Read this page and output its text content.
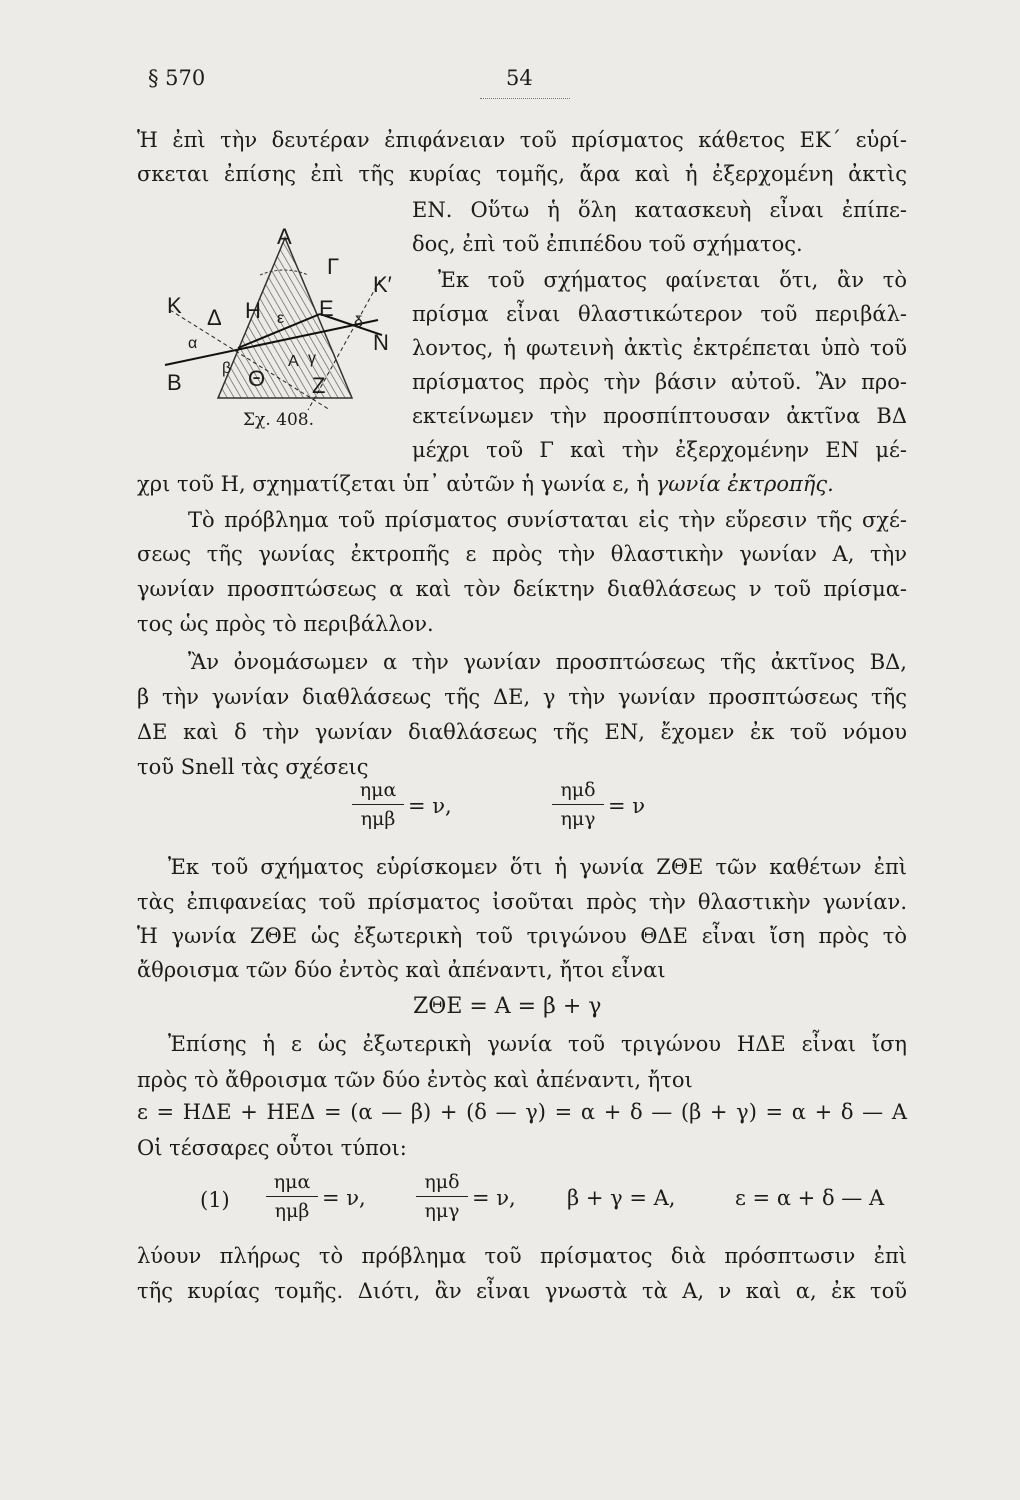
§ 570	54
Ἡ ἐπὶ τὴν δευτέραν ἐπιφάνειαν τοῦ πρίσματος κάθετος ΕΚ΄ εὑρί-
σκεται ἐπίσης ἐπὶ τῆς κυρίας τομῆς, ἄρα καὶ ἡ ἐξερχομένη ἀκτὶς
ΕΝ. Οὕτω ἡ ὅλη κατασκευὴ εἶναι ἐπίπε-
δος, ἐπὶ τοῦ ἐπιπέδου τοῦ σχήματος.
Ἐκ τοῦ σχήματος φαίνεται ὅτι, ἂν τὸ
πρίσμα εἶναι θλαστικώτερον τοῦ περιβάλ-
λοντος, ἡ φωτεινὴ ἀκτὶς ἐκτρέπεται ὑπὸ τοῦ
πρίσματος πρὸς τὴν βάσιν αὐτοῦ. Ἂν προ-
εκτείνωμεν τὴν προσπίπτουσαν ἀκτῖνα ΒΔ
μέχρι τοῦ Γ καὶ τὴν ἐξερχομένην ΕΝ μέ-
χρι τοῦ Η, σχηματίζεται ὑπ᾽ αὐτῶν ἡ γωνία ε, ἡ γωνία ἐκτροπῆς.
Α
Γ
Κ
Κ′
Δ Η	Ε
Ν
Β	Θ Ζ
α
β
γ
δ
ε
Α
Σχ. 408.
Τὸ πρόβλημα τοῦ πρίσματος συνίσταται εἰς τὴν εὕρεσιν τῆς σχέ-
σεως τῆς γωνίας ἐκτροπῆς ε πρὸς τὴν θλαστικὴν γωνίαν Α, τὴν
γωνίαν προσπτώσεως α καὶ τὸν δείκτην διαθλάσεως ν τοῦ πρίσμα-
τος ὡς πρὸς τὸ περιβάλλον.
Ἂν ὀνομάσωμεν α τὴν γωνίαν προσπτώσεως τῆς ἀκτῖνος ΒΔ,
β τὴν γωνίαν διαθλάσεως τῆς ΔΕ, γ τὴν γωνίαν προσπτώσεως τῆς
ΔΕ καὶ δ τὴν γωνίαν διαθλάσεως τῆς ΕΝ, ἔχομεν ἐκ τοῦ νόμου
τοῦ Snell τὰς σχέσεις
ημα
ημβ
= ν,
ημδ
ημγ
= ν
Ἐκ τοῦ σχήματος εὑρίσκομεν ὅτι ἡ γωνία ΖΘΕ τῶν καθέτων ἐπὶ
τὰς ἐπιφανείας τοῦ πρίσματος ἰσοῦται πρὸς τὴν θλαστικὴν γωνίαν.
Ἡ γωνία ΖΘΕ ὡς ἐξωτερικὴ τοῦ τριγώνου ΘΔΕ εἶναι ἴση πρὸς τὸ
ἄθροισμα τῶν δύο ἐντὸς καὶ ἀπέναντι, ἤτοι εἶναι
ΖΘΕ = Α = β + γ
Ἐπίσης ἡ ε ὡς ἐξωτερικὴ γωνία τοῦ τριγώνου ΗΔΕ εἶναι ἴση
πρὸς τὸ ἄθροισμα τῶν δύο ἐντὸς καὶ ἀπέναντι, ἤτοι
ε = ΗΔΕ + ΗΕΔ = (α — β) + (δ — γ) = α + δ — (β + γ) = α + δ — Α
Οἱ τέσσαρες οὗτοι τύποι:
(1)
ημα
ημβ
= ν,
ημδ
ημγ
= ν, β + γ = Α,	ε = α + δ — Α
λύουν πλήρως τὸ πρόβλημα τοῦ πρίσματος διὰ πρόσπτωσιν ἐπὶ
τῆς κυρίας τομῆς. Διότι, ἂν εἶναι γνωστὰ τὰ Α, ν καὶ α, ἐκ τοῦ
